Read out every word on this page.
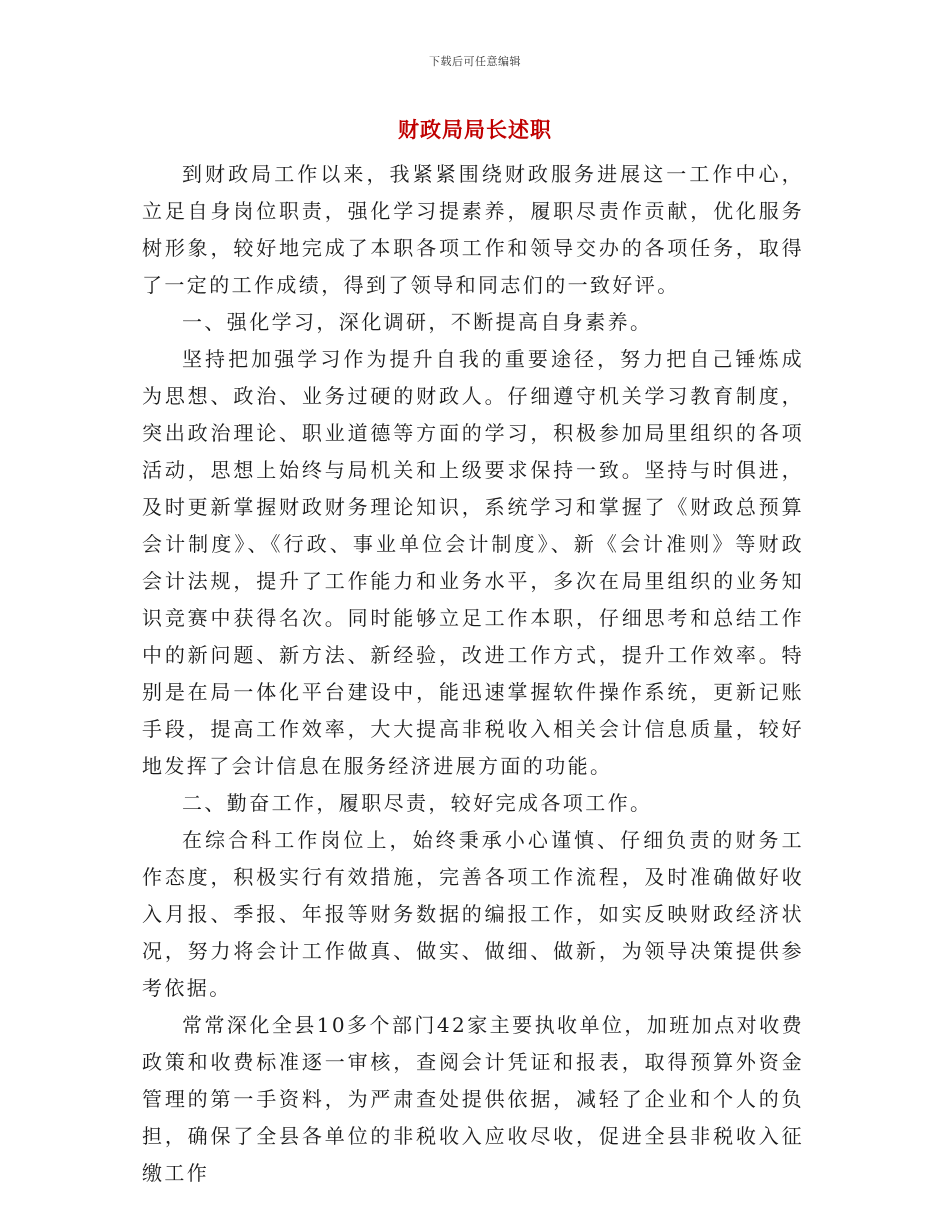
下载后可任意编辑
财政局局长述职

到财政局工作以来，我紧紧围绕财政服务进展这一工作中心，立足自身岗位职责，强化学习提素养，履职尽责作贡献，优化服务树形象，较好地完成了本职各项工作和领导交办的各项任务，取得了一定的工作成绩，得到了领导和同志们的一致好评。

一、强化学习，深化调研，不断提高自身素养。

坚持把加强学习作为提升自我的重要途径，努力把自己锤炼成为思想、政治、业务过硬的财政人。仔细遵守机关学习教育制度，突出政治理论、职业道德等方面的学习，积极参加局里组织的各项活动，思想上始终与局机关和上级要求保持一致。坚持与时俱进，及时更新掌握财政财务理论知识，系统学习和掌握了《财政总预算会计制度》、《行政、事业单位会计制度》、新《会计准则》等财政会计法规，提升了工作能力和业务水平，多次在局里组织的业务知识竞赛中获得名次。同时能够立足工作本职，仔细思考和总结工作中的新问题、新方法、新经验，改进工作方式，提升工作效率。特别是在局一体化平台建设中，能迅速掌握软件操作系统，更新记账手段，提高工作效率，大大提高非税收入相关会计信息质量，较好地发挥了会计信息在服务经济进展方面的功能。

二、勤奋工作，履职尽责，较好完成各项工作。

在综合科工作岗位上，始终秉承小心谨慎、仔细负责的财务工作态度，积极实行有效措施，完善各项工作流程，及时准确做好收入月报、季报、年报等财务数据的编报工作，如实反映财政经济状况，努力将会计工作做真、做实、做细、做新，为领导决策提供参考依据。

常常深化全县10多个部门42家主要执收单位，加班加点对收费政策和收费标准逐一审核，查阅会计凭证和报表，取得预算外资金管理的第一手资料，为严肃查处提供依据，减轻了企业和个人的负担，确保了全县各单位的非税收入应收尽收，促进全县非税收入征缴工作
